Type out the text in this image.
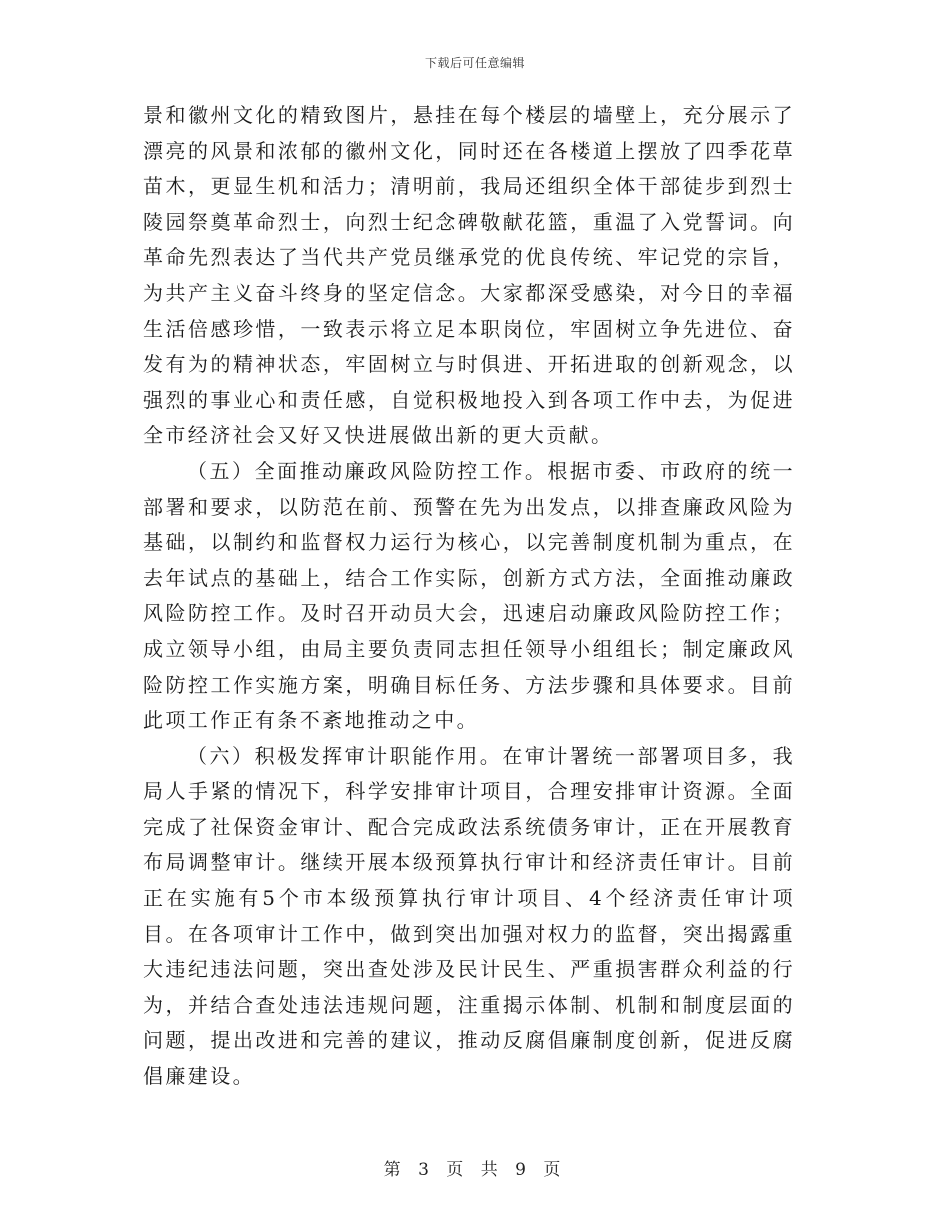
下载后可任意编辑

景和徽州文化的精致图片，悬挂在每个楼层的墙壁上，充分展示了漂亮的风景和浓郁的徽州文化，同时还在各楼道上摆放了四季花草苗木，更显生机和活力；清明前，我局还组织全体干部徒步到烈士陵园祭奠革命烈士，向烈士纪念碑敬献花篮，重温了入党誓词。向革命先烈表达了当代共产党员继承党的优良传统、牢记党的宗旨，为共产主义奋斗终身的坚定信念。大家都深受感染，对今日的幸福生活倍感珍惜，一致表示将立足本职岗位，牢固树立争先进位、奋发有为的精神状态，牢固树立与时俱进、开拓进取的创新观念，以强烈的事业心和责任感，自觉积极地投入到各项工作中去，为促进全市经济社会又好又快进展做出新的更大贡献。

（五）全面推动廉政风险防控工作。根据市委、市政府的统一部署和要求，以防范在前、预警在先为出发点，以排查廉政风险为基础，以制约和监督权力运行为核心，以完善制度机制为重点，在去年试点的基础上，结合工作实际，创新方式方法，全面推动廉政风险防控工作。及时召开动员大会，迅速启动廉政风险防控工作；成立领导小组，由局主要负责同志担任领导小组组长；制定廉政风险防控工作实施方案，明确目标任务、方法步骤和具体要求。目前此项工作正有条不紊地推动之中。

（六）积极发挥审计职能作用。在审计署统一部署项目多，我局人手紧的情况下，科学安排审计项目，合理安排审计资源。全面完成了社保资金审计、配合完成政法系统债务审计，正在开展教育布局调整审计。继续开展本级预算执行审计和经济责任审计。目前正在实施有5个市本级预算执行审计项目、4个经济责任审计项目。在各项审计工作中，做到突出加强对权力的监督，突出揭露重大违纪违法问题，突出查处涉及民计民生、严重损害群众利益的行为，并结合查处违法违规问题，注重揭示体制、机制和制度层面的问题，提出改进和完善的建议，推动反腐倡廉制度创新，促进反腐倡廉建设。

第 3 页 共 9 页
